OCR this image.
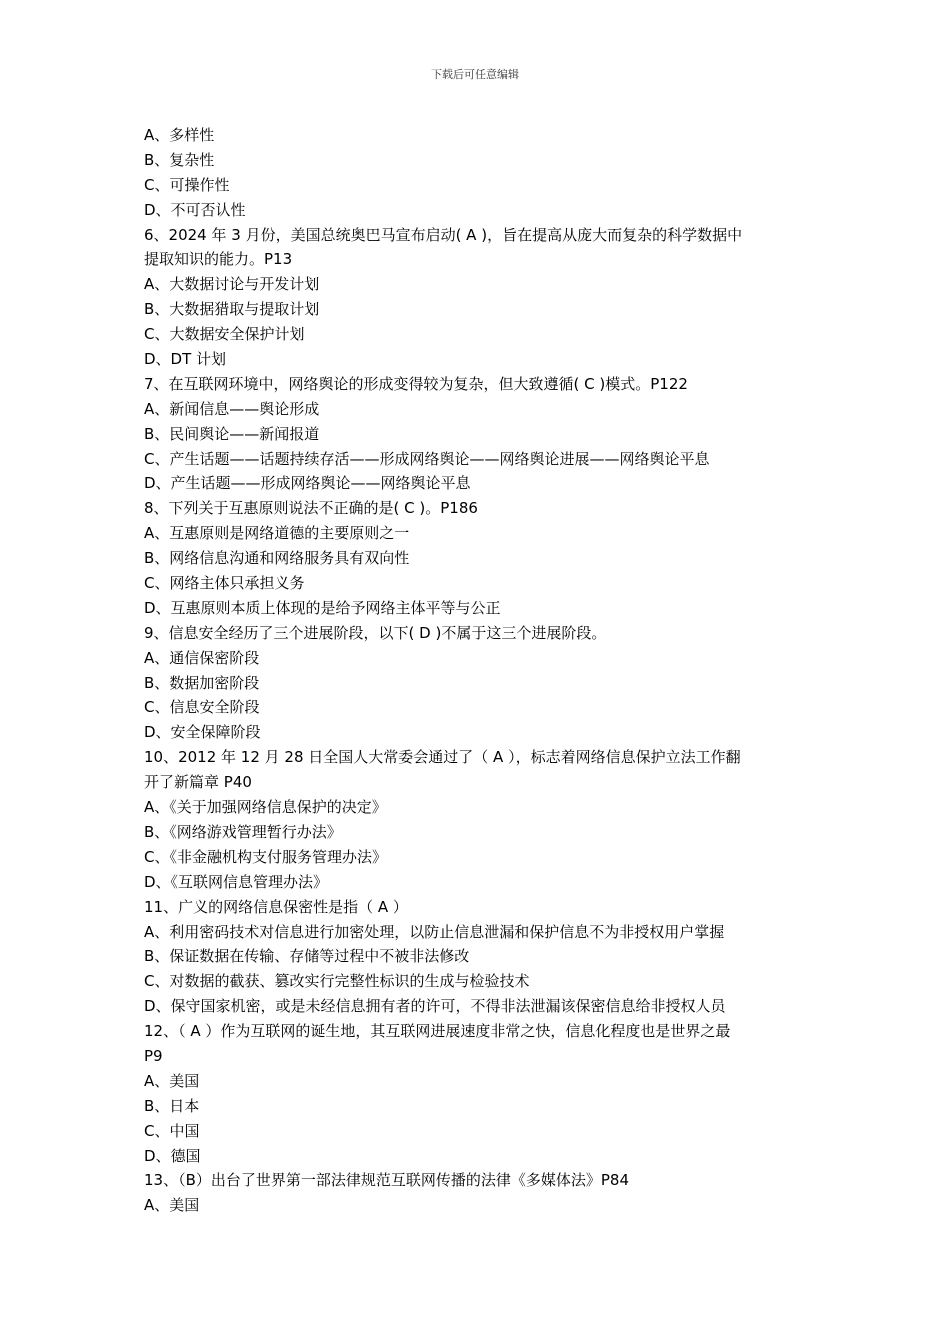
下载后可任意编辑
A、多样性
B、复杂性
C、可操作性
D、不可否认性
6、2024 年 3 月份，美国总统奥巴马宣布启动( A )，旨在提高从庞大而复杂的科学数据中
提取知识的能力。P13
A、大数据讨论与开发计划
B、大数据猎取与提取计划
C、大数据安全保护计划
D、DT 计划
7、在互联网环境中，网络舆论的形成变得较为复杂，但大致遵循( C )模式。P122
A、新闻信息——舆论形成
B、民间舆论——新闻报道
C、产生话题——话题持续存活——形成网络舆论——网络舆论进展——网络舆论平息
D、产生话题——形成网络舆论——网络舆论平息
8、下列关于互惠原则说法不正确的是( C )。P186
A、互惠原则是网络道德的主要原则之一
B、网络信息沟通和网络服务具有双向性
C、网络主体只承担义务
D、互惠原则本质上体现的是给予网络主体平等与公正
9、信息安全经历了三个进展阶段，以下( D )不属于这三个进展阶段。
A、通信保密阶段
B、数据加密阶段
C、信息安全阶段
D、安全保障阶段
10、2012 年 12 月 28 日全国人大常委会通过了（ A ），标志着网络信息保护立法工作翻
开了新篇章 P40
A、《关于加强网络信息保护的决定》
B、《网络游戏管理暂行办法》
C、《非金融机构支付服务管理办法》
D、《互联网信息管理办法》
11、广义的网络信息保密性是指（ A ）
A、利用密码技术对信息进行加密处理，以防止信息泄漏和保护信息不为非授权用户掌握
B、保证数据在传输、存储等过程中不被非法修改
C、对数据的截获、篡改实行完整性标识的生成与检验技术
D、保守国家机密，或是未经信息拥有者的许可，不得非法泄漏该保密信息给非授权人员
12、（ A ）作为互联网的诞生地，其互联网进展速度非常之快，信息化程度也是世界之最
P9
A、美国
B、日本
C、中国
D、德国
13、（B）出台了世界第一部法律规范互联网传播的法律《多媒体法》P84
A、美国
